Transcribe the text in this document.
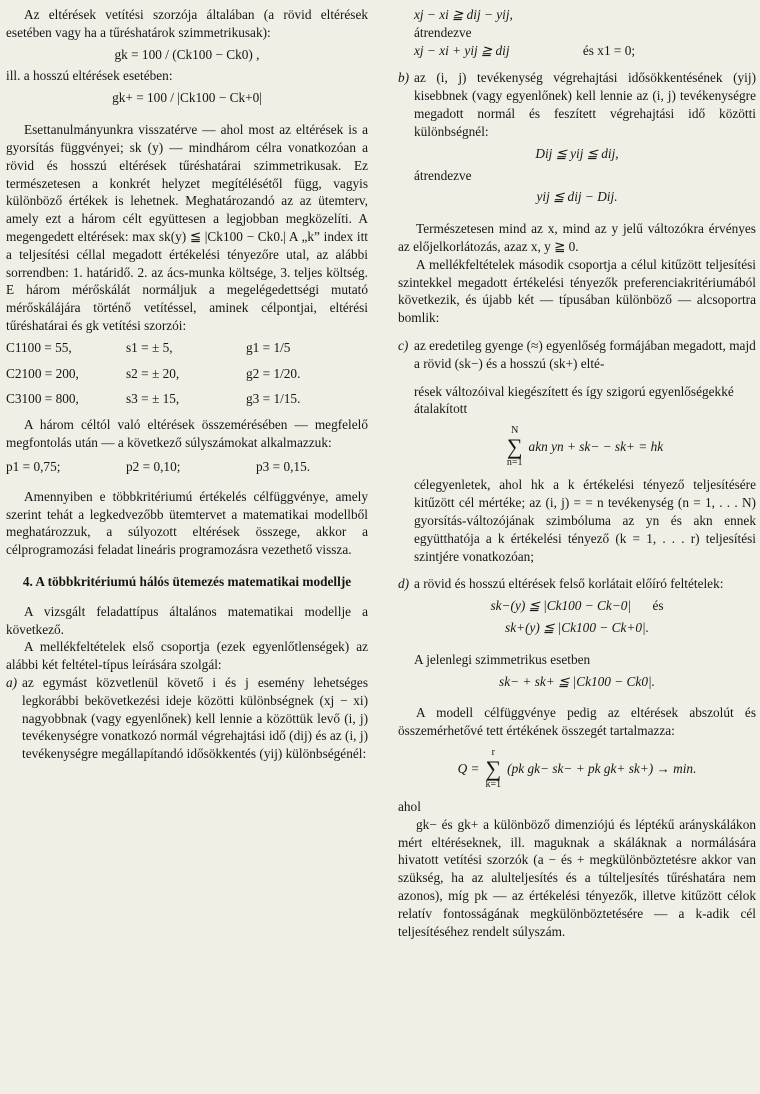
Az eltérések vetítési szorzója általában (a rövid eltérések esetében vagy ha a tűréshatárok szimmetrikusak):

gk = 100 / (Ck100 − Ck0) ,

ill. a hosszú eltérések esetében:

gk+ = 100 / |Ck100 − Ck+0|

Esettanulmányunkra visszatérve — ahol most az eltérések is a gyorsítás függvényei; sk (y) — mindhárom célra vonatkozóan a rövid és hosszú eltérések tűréshatárai szimmetrikusak. Ez természetesen a konkrét helyzet megítélésétől függ, vagyis különböző értékek is lehetnek. Meghatározandó az az ütemterv, amely ezt a három célt együttesen a legjobban megközelíti. A megengedett eltérések: max sk(y) ≦ |Ck100 − Ck0.| A „k” index itt a teljesítési céllal megadott értékelési tényezőre utal, az alábbi sorrendben: 1. határidő. 2. az ács-munka költsége, 3. teljes költség. E három mérőskálát normáljuk a megelégedettségi mutató mérőskálájára történő vetítéssel, aminek célpontjai, eltérési tűréshatárai és gk vetítési szorzói:

C1100 = 55,	s1 = ± 5,	g1 = 1/5
C2100 = 200,	s2 = ± 20,	g2 = 1/20.
C3100 = 800,	s3 = ± 15,	g3 = 1/15.

A három céltól való eltérések összemérésében — megfelelő megfontolás után — a következő súlyszámokat alkalmazzuk:

p1 = 0,75;	p2 = 0,10;	p3 = 0,15.

Amennyiben e többkritériumú értékelés célfüggvénye, amely szerint tehát a legkedvezőbb ütemtervet a matematikai modellből meghatározzuk, a súlyozott eltérések összege, akkor a célprogramozási feladat lineáris programozásra vezethető vissza.

4. A többkritériumú hálós ütemezés matematikai modellje

A vizsgált feladattípus általános matematikai modellje a következő.

A mellékfeltételek első csoportja (ezek egyenlőtlenségek) az alábbi két feltétel-típus leírására szolgál:

a) az egymást közvetlenül követő i és j esemény lehetséges legkorábbi bekövetkezési ideje közötti különbségnek (xj − xi) nagyobbnak (vagy egyenlőnek) kell lennie a közöttük levő (i, j) tevékenységre vonatkozó normál végrehajtási idő (dij) és az (i, j) tevékenységre megállapítandó idősökkentés (yij) különbségénél:
xj − xi ≧ dij − yij,
átrendezve
xj − xi + yij ≧ dij	és x1 = 0;
b) az (i, j) tevékenység végrehajtási idősökkentésének (yij) kisebbnek (vagy egyenlőnek) kell lennie az (i, j) tevékenységre megadott normál és feszített végrehajtási idő közötti különbségnél:
Dij ≦ yij ≦ dij,
átrendezve
yij ≦ dij − Dij.

Természetesen mind az x, mind az y jelű változókra érvényes az előjelkorlátozás, azaz x, y ≧ 0.

A mellékfeltételek második csoportja a célul kitűzött teljesítési szintekkel megadott értékelési tényezők preferenciakritériumából következik, és újabb két — típusában különböző — alcsoportra bomlik:

c) az eredetileg gyenge (≈) egyenlőség formájában megadott, majd a rövid (sk−) és a hosszú (sk+) elté-
rések változóival kiegészített és így szigorú egyenlőségekké átalakított
N
∑
n=1
akn yn + sk− − sk+ = hk
célegyenletek, ahol hk a k értékelési tényező teljesítésére kitűzött cél mértéke; az (i, j) = = n tevékenység (n = 1, . . . N) gyorsítás-változójának szimbóluma az yn és akn ennek együtthatója a k értékelési tényező (k = 1, . . . r) teljesítési szintjére vonatkozóan;
d) a rövid és hosszú eltérések felső korlátait előíró feltételek:
sk−(y) ≦ |Ck100 − Ck−0| és
sk+(y) ≦ |Ck100 − Ck+0|.

A jelenlegi szimmetrikus esetben

sk− + sk+ ≦ |Ck100 − Ck0|.

A modell célfüggvénye pedig az eltérések abszolút és összemérhetővé tett értékének összegét tartalmazza:

Q =
r
∑
k=1
(pk gk− sk− + pk gk+ sk+) → min.

ahol

gk− és gk+ a különböző dimenziójú és léptékű arányskálákon mért eltéréseknek, ill. maguknak a skáláknak a normálására hivatott vetítési szorzók (a − és + megkülönböztetésre akkor van szükség, ha az alulteljesítés és a túlteljesítés tűréshatára nem azonos), míg pk — az értékelési tényezők, illetve kitűzött célok relatív fontosságának megkülönböztetésére — a k-adik cél teljesítéséhez rendelt súlyszám.
